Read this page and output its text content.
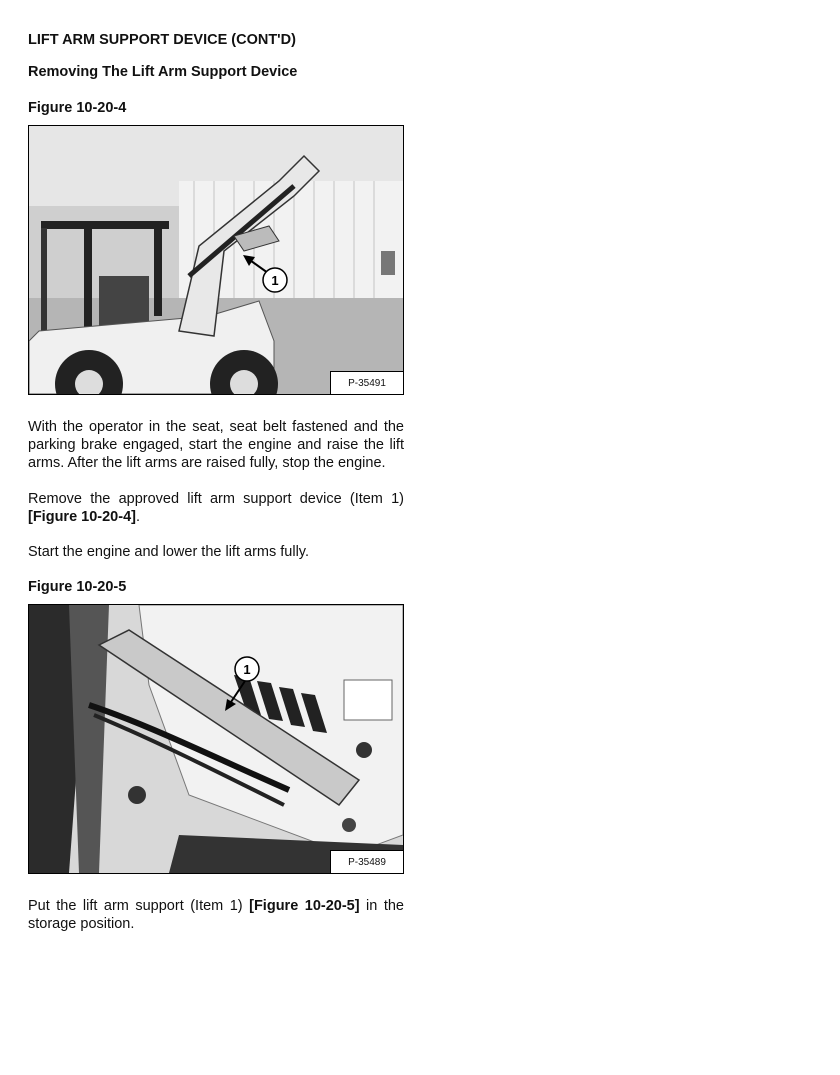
LIFT ARM SUPPORT DEVICE (CONT'D)
Removing The Lift Arm Support Device
Figure 10-20-4
1
P-35491
With the operator in the seat, seat belt fastened and the parking brake engaged, start the engine and raise the lift arms. After the lift arms are raised fully, stop the engine.
Remove the approved lift arm support device (Item 1) [Figure 10-20-4].
Start the engine and lower the lift arms fully.
Figure 10-20-5
1
P-35489
Put the lift arm support (Item 1) [Figure 10-20-5] in the storage position.
